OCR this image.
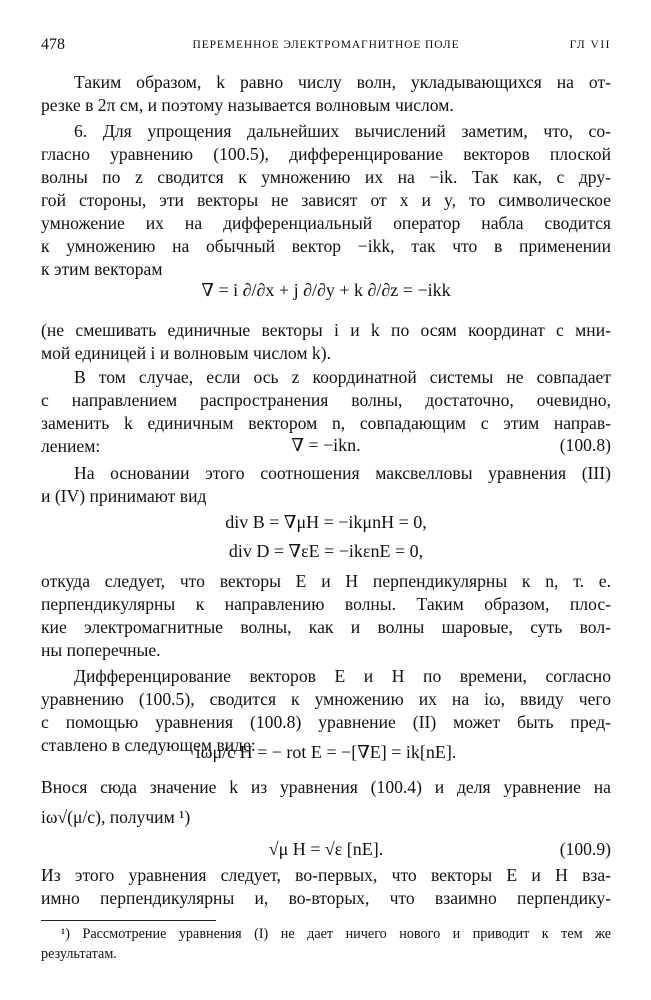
478	ПЕРЕМЕННОЕ ЭЛЕКТРОМАГНИТНОЕ ПОЛЕ	ГЛ VII
Таким образом, k равно числу волн, укладывающихся на от-
резке в 2π см, и поэтому называется волновым числом.
6. Для упрощения дальнейших вычислений заметим, что, со-
гласно уравнению (100.5), дифференцирование векторов плоской
волны по z сводится к умножению их на −ik. Так как, с дру-
гой стороны, эти векторы не зависят от x и y, то символическое
умножение их на дифференциальный оператор набла сводится
к умножению на обычный вектор −ikk, так что в применении
к этим векторам
∇ = i ∂/∂x + j ∂/∂y + k ∂/∂z = −ikk
(не смешивать единичные векторы i и k по осям координат с мни-
мой единицей i и волновым числом k).
В том случае, если ось z координатной системы не совпадает
с направлением распространения волны, достаточно, очевидно,
заменить k единичным вектором n, совпадающим с этим направ-
лением:	∇ = −ikn.	(100.8)
На основании этого соотношения максвелловы уравнения (III)
и (IV) принимают вид
div B = ∇μH = −ikμnH = 0,
div D = ∇εE = −ikεnE = 0,
откуда следует, что векторы E и H перпендикулярны к n, т. е.
перпендикулярны к направлению волны. Таким образом, плос-
кие электромагнитные волны, как и волны шаровые, суть вол-
ны поперечные.
Дифференцирование векторов E и H по времени, согласно
уравнению (100.5), сводится к умножению их на iω, ввиду чего
с помощью уравнения (100.8) уравнение (II) может быть пред-
ставлено в следующем виде:
iωμ/c H = − rot E = −[∇E] = ik[nE].
Внося сюда значение k из уравнения (100.4) и деля уравнение на
iω√(μ/c), получим ¹)
√μ H = √ε [nE].	(100.9)
Из этого уравнения следует, во-первых, что векторы E и H вза-
имно перпендикулярны и, во-вторых, что взаимно перпендику-
¹) Рассмотрение уравнения (I) не дает ничего нового и приводит к тем же
результатам.
